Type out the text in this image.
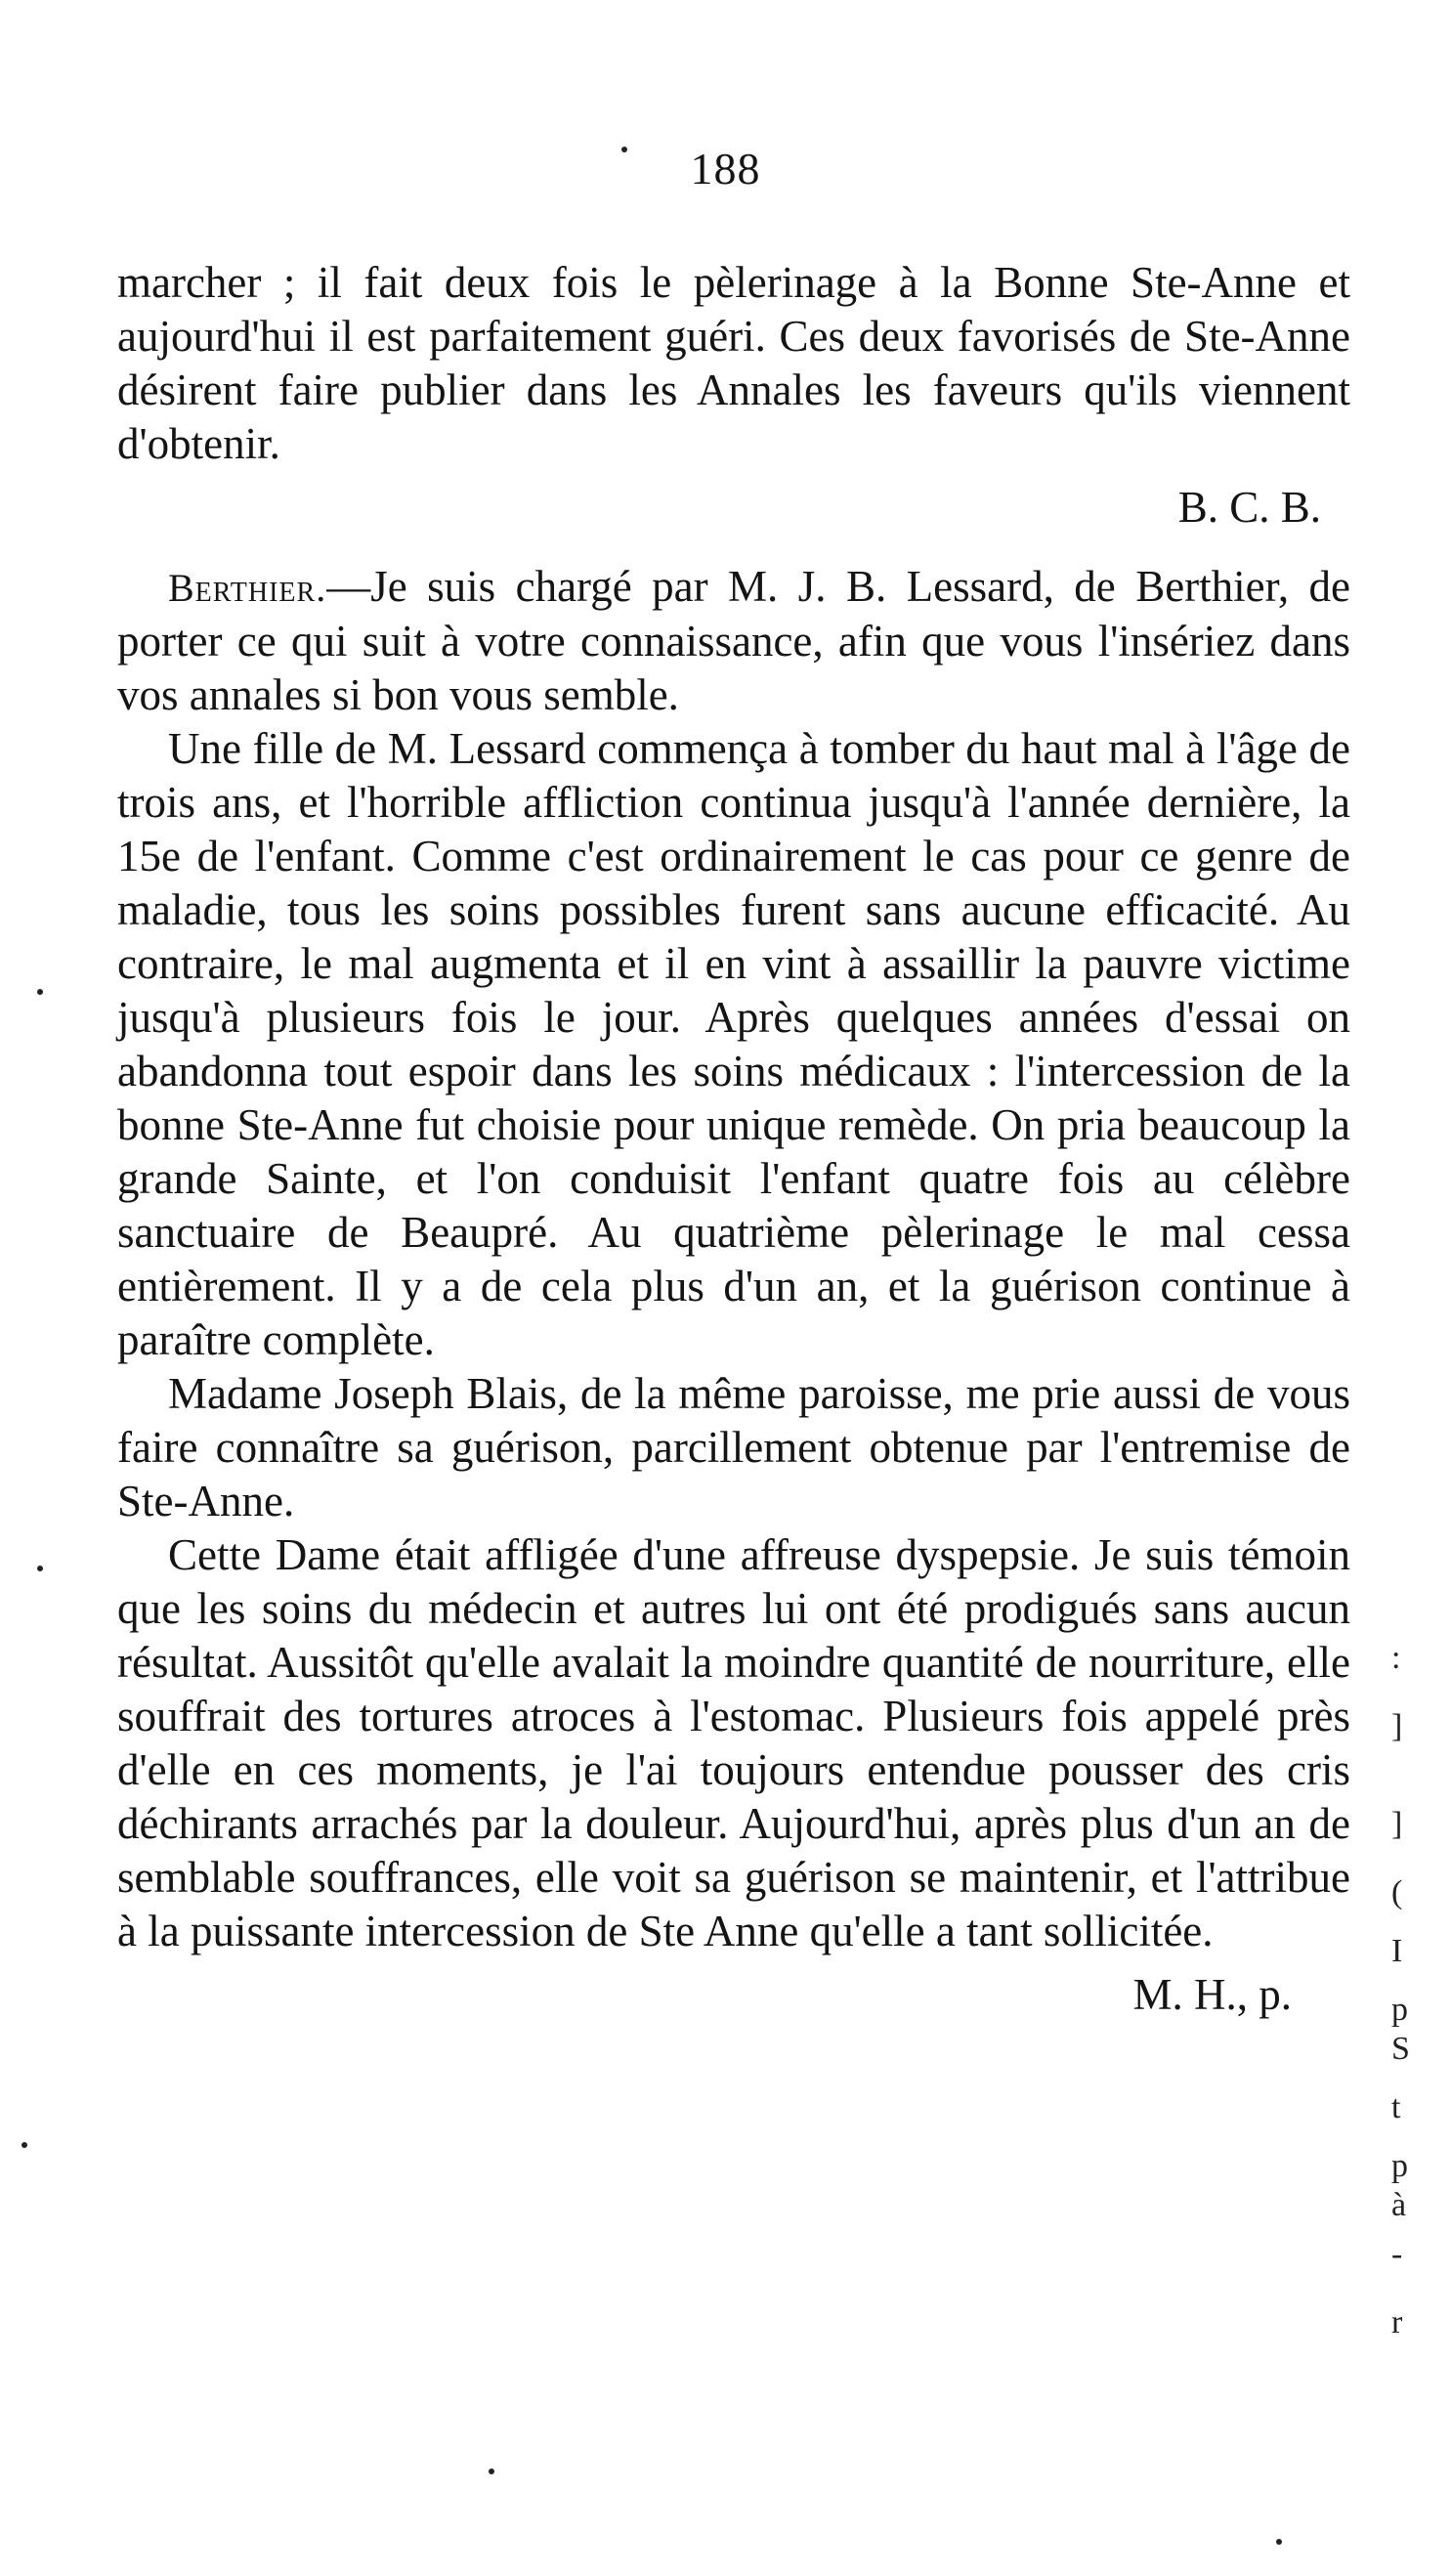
188

marcher ; il fait deux fois le pèlerinage à la Bonne Ste-Anne et aujourd'hui il est parfaitement guéri. Ces deux favorisés de Ste-Anne désirent faire publier dans les Annales les faveurs qu'ils viennent d'obtenir.

B. C. B.

Berthier.—Je suis chargé par M. J. B. Lessard, de Berthier, de porter ce qui suit à votre connaissance, afin que vous l'insériez dans vos annales si bon vous semble.

Une fille de M. Lessard commença à tomber du haut mal à l'âge de trois ans, et l'horrible affliction continua jusqu'à l'année dernière, la 15e de l'enfant. Comme c'est ordinairement le cas pour ce genre de maladie, tous les soins possibles furent sans aucune efficacité. Au contraire, le mal augmenta et il en vint à assaillir la pauvre victime jusqu'à plusieurs fois le jour. Après quelques années d'essai on abandonna tout espoir dans les soins médicaux : l'intercession de la bonne Ste-Anne fut choisie pour unique remède. On pria beaucoup la grande Sainte, et l'on conduisit l'enfant quatre fois au célèbre sanctuaire de Beaupré. Au quatrième pèlerinage le mal cessa entièrement. Il y a de cela plus d'un an, et la guérison continue à paraître complète.

Madame Joseph Blais, de la même paroisse, me prie aussi de vous faire connaître sa guérison, parcillement obtenue par l'entremise de Ste-Anne.

Cette Dame était affligée d'une affreuse dyspepsie. Je suis témoin que les soins du médecin et autres lui ont été prodigués sans aucun résultat. Aussitôt qu'elle avalait la moindre quantité de nourriture, elle souffrait des tortures atroces à l'estomac. Plusieurs fois appelé près d'elle en ces moments, je l'ai toujours entendue pousser des cris déchirants arrachés par la douleur. Aujourd'hui, après plus d'un an de semblable souffrances, elle voit sa guérison se maintenir, et l'attribue à la puissante intercession de Ste Anne qu'elle a tant sollicitée.

M. H., p.

:
]
]
(
I
p
S
t
p
à
-
r
